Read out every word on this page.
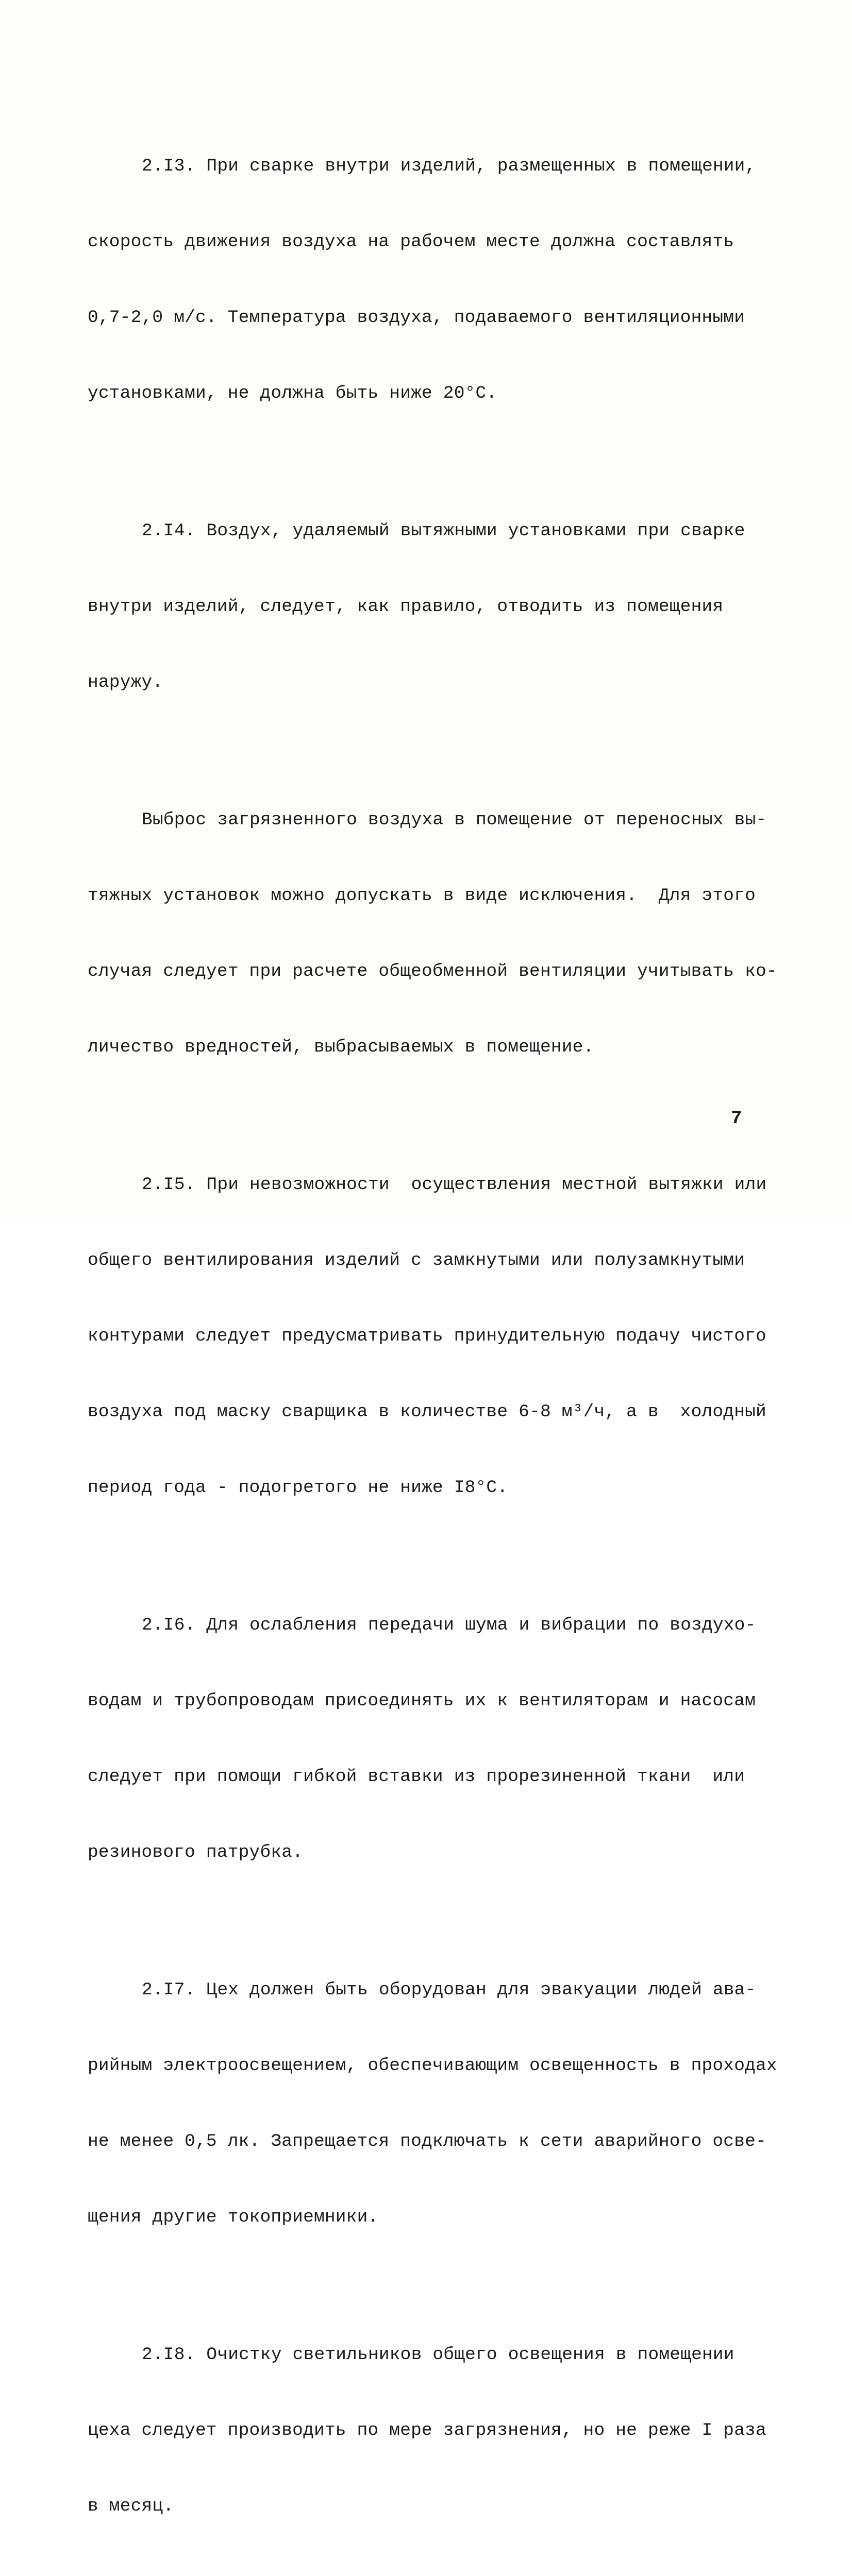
2.I3. При сварке внутри изделий, размещенных в помещении,

скорость движения воздуха на рабочем месте должна составлять

0,7-2,0 м/с. Температура воздуха, подаваемого вентиляционными

установками, не должна быть ниже 20°С.

2.I4. Воздух, удаляемый вытяжными установками при сварке

внутри изделий, следует, как правило, отводить из помещения

наружу.

Выброс загрязненного воздуха в помещение от переносных вы-

тяжных установок можно допускать в виде исключения.  Для этого

случая следует при расчете общеобменной вентиляции учитывать ко-

личество вредностей, выбрасываемых в помещение.

2.I5. При невозможности  осуществления местной вытяжки или

общего вентилирования изделий с замкнутыми или полузамкнутыми

контурами следует предусматривать принудительную подачу чистого

воздуха под маску сварщика в количестве 6-8 м³/ч, а в  холодный

период года - подогретого не ниже I8°С.

2.I6. Для ослабления передачи шума и вибрации по воздухо-

водам и трубопроводам присоединять их к вентиляторам и насосам

следует при помощи гибкой вставки из прорезиненной ткани  или

резинового патрубка.

2.I7. Цех должен быть оборудован для эвакуации людей ава-

рийным электроосвещением, обеспечивающим освещенность в проходах

не менее 0,5 лк. Запрещается подключать к сети аварийного осве-

щения другие токоприемники.

2.I8. Очистку светильников общего освещения в помещении

цеха следует производить по мере загрязнения, но не реже I раза

в месяц.

7
